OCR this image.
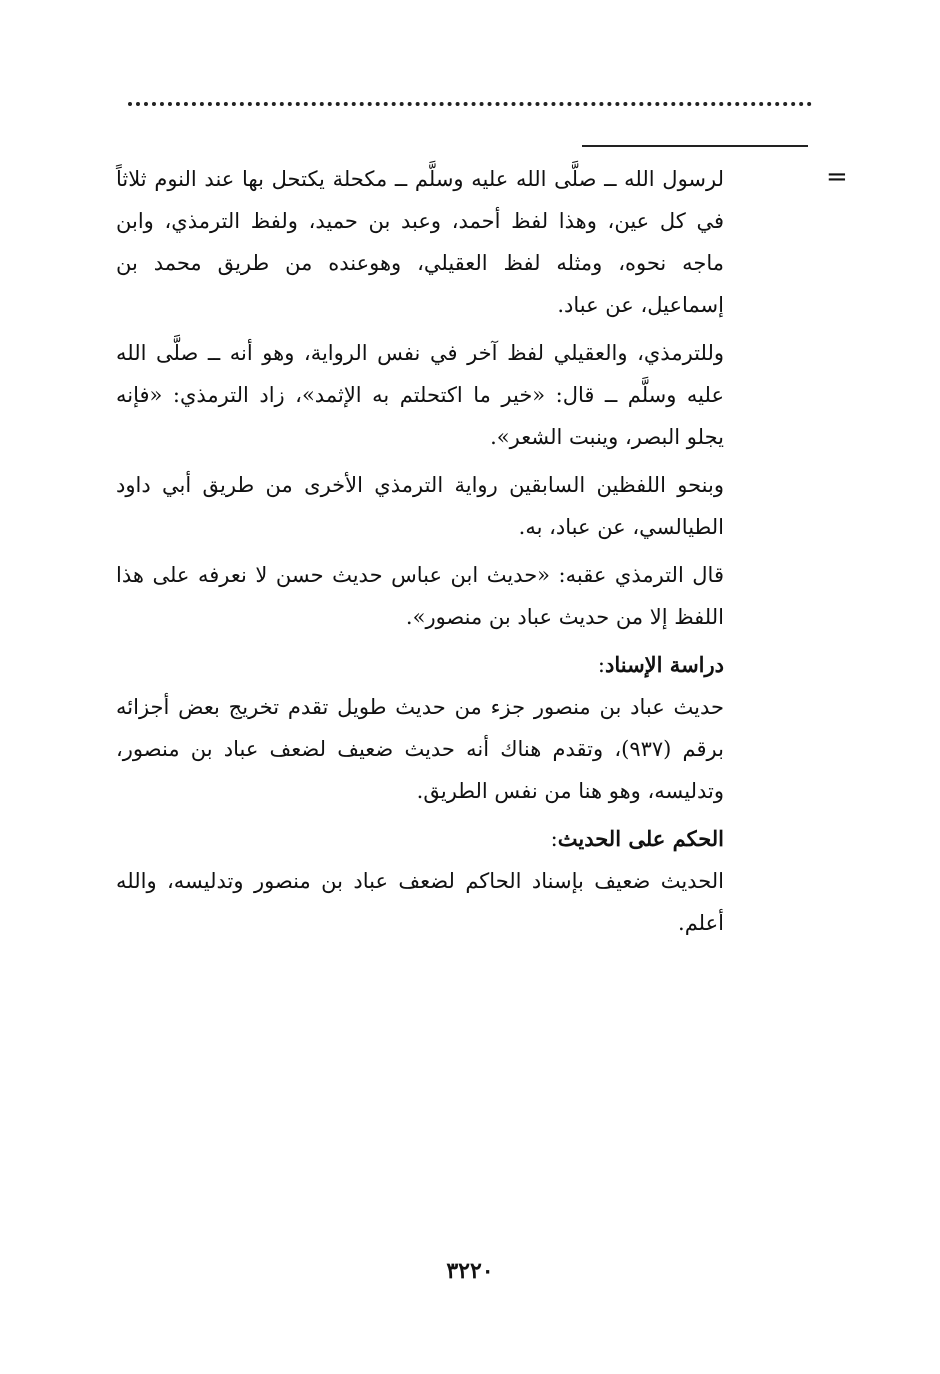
=

لرسول الله ــ صلَّى الله عليه وسلَّم ــ مكحلة يكتحل بها عند النوم ثلاثاً في كل عين، وهذا لفظ أحمد، وعبد بن حميد، ولفظ الترمذي، وابن ماجه نحوه، ومثله لفظ العقيلي، وهوعنده من طريق محمد بن إسماعيل، عن عباد.

وللترمذي، والعقيلي لفظ آخر في نفس الرواية، وهو أنه ــ صلَّى الله عليه وسلَّم ــ قال: «خير ما اكتحلتم به الإثمد»، زاد الترمذي: «فإنه يجلو البصر، وينبت الشعر».

وبنحو اللفظين السابقين رواية الترمذي الأخرى من طريق أبي داود الطيالسي، عن عباد، به.

قال الترمذي عقبه: «حديث ابن عباس حديث حسن لا نعرفه على هذا اللفظ إلا من حديث عباد بن منصور».

دراسة الإسناد:

حديث عباد بن منصور جزء من حديث طويل تقدم تخريج بعض أجزائه برقم (٩٣٧)، وتقدم هناك أنه حديث ضعيف لضعف عباد بن منصور، وتدليسه، وهو هنا من نفس الطريق.

الحكم على الحديث:

الحديث ضعيف بإسناد الحاكم لضعف عباد بن منصور وتدليسه، والله أعلم.

٣٢٢٠
